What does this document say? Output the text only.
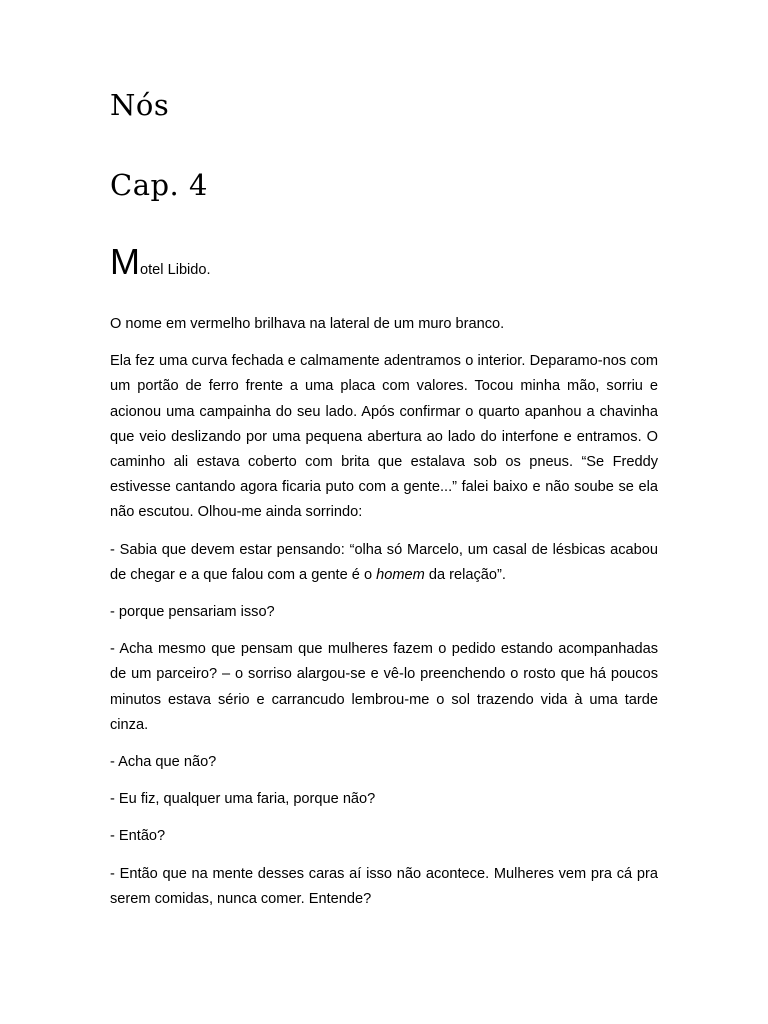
Nós
Cap. 4

Motel Libido.

O nome em vermelho brilhava na lateral de um muro branco.

Ela fez uma curva fechada e calmamente adentramos o interior. Deparamo-nos com um portão de ferro frente a uma placa com valores. Tocou minha mão, sorriu e acionou uma campainha do seu lado. Após confirmar o quarto apanhou a chavinha que veio deslizando por uma pequena abertura ao lado do interfone e entramos. O caminho ali estava coberto com brita que estalava sob os pneus. “Se Freddy estivesse cantando agora ficaria puto com a gente...” falei baixo e não soube se ela não escutou. Olhou-me ainda sorrindo:

- Sabia que devem estar pensando: “olha só Marcelo, um casal de lésbicas acabou de chegar e a que falou com a gente é o homem da relação”.

- porque pensariam isso?

- Acha mesmo que pensam que mulheres fazem o pedido estando acompanhadas de um parceiro? – o sorriso alargou-se e vê-lo preenchendo o rosto que há poucos minutos estava sério e carrancudo lembrou-me o sol trazendo vida à uma tarde cinza.

- Acha que não?

- Eu fiz, qualquer uma faria, porque não?

- Então?

- Então que na mente desses caras aí isso não acontece. Mulheres vem pra cá pra serem comidas, nunca comer. Entende?
